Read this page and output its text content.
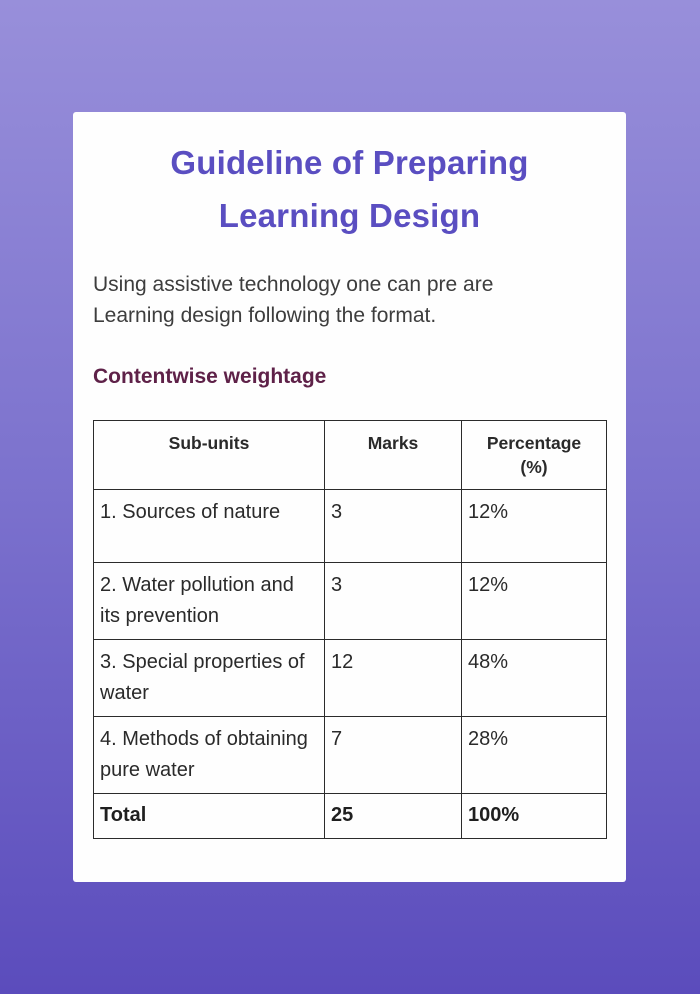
Guideline of Preparing Learning Design

Using assistive technology one can pre are Learning design following the format.

Contentwise weightage
Sub-units	Marks	Percentage (%)
1. Sources of nature	3	12%
2. Water pollution and its prevention	3	12%
3. Special properties of water	12	48%
4. Methods of obtaining pure water	7	28%
Total	25	100%
